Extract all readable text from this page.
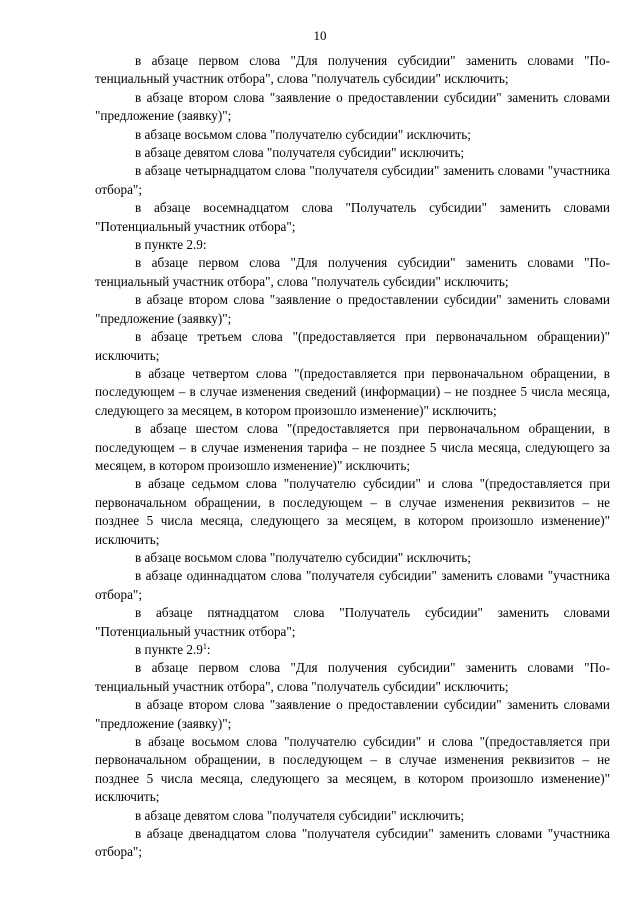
10

в абзаце первом слова "Для получения субсидии" заменить словами "Потенциальный участник отбора", слова "получатель субсидии" исключить;

в абзаце втором слова "заявление о предоставлении субсидии" заменить словами "предложение (заявку)";

в абзаце восьмом слова "получателю субсидии" исключить;

в абзаце девятом слова "получателя субсидии" исключить;

в абзаце четырнадцатом слова "получателя субсидии" заменить словами "участника отбора";

в абзаце восемнадцатом слова "Получатель субсидии" заменить словами "Потенциальный участник отбора";

в пункте 2.9:

в абзаце первом слова "Для получения субсидии" заменить словами "Потенциальный участник отбора", слова "получатель субсидии" исключить;

в абзаце втором слова "заявление о предоставлении субсидии" заменить словами "предложение (заявку)";

в абзаце третьем слова "(предоставляется при первоначальном обращении)" исключить;

в абзаце четвертом слова "(предоставляется при первоначальном обращении, в последующем – в случае изменения сведений (информации) – не позднее 5 числа месяца, следующего за месяцем, в котором произошло изменение)" исключить;

в абзаце шестом слова "(предоставляется при первоначальном обращении, в последующем – в случае изменения тарифа – не позднее 5 числа месяца, следующего за месяцем, в котором произошло изменение)" исключить;

в абзаце седьмом слова "получателю субсидии" и слова "(предоставляется при первоначальном обращении, в последующем – в случае изменения реквизитов – не позднее 5 числа месяца, следующего за месяцем, в котором произошло изменение)" исключить;

в абзаце восьмом слова "получателю субсидии" исключить;

в абзаце одиннадцатом слова "получателя субсидии" заменить словами "участника отбора";

в абзаце пятнадцатом слова "Получатель субсидии" заменить словами "Потенциальный участник отбора";

в пункте $2.9^1$:

в абзаце первом слова "Для получения субсидии" заменить словами "Потенциальный участник отбора", слова "получатель субсидии" исключить;

в абзаце втором слова "заявление о предоставлении субсидии" заменить словами "предложение (заявку)";

в абзаце восьмом слова "получателю субсидии" и слова "(предоставляется при первоначальном обращении, в последующем – в случае изменения реквизитов – не позднее 5 числа месяца, следующего за месяцем, в котором произошло изменение)" исключить;

в абзаце девятом слова "получателя субсидии" исключить;

в абзаце двенадцатом слова "получателя субсидии" заменить словами "участника отбора";
